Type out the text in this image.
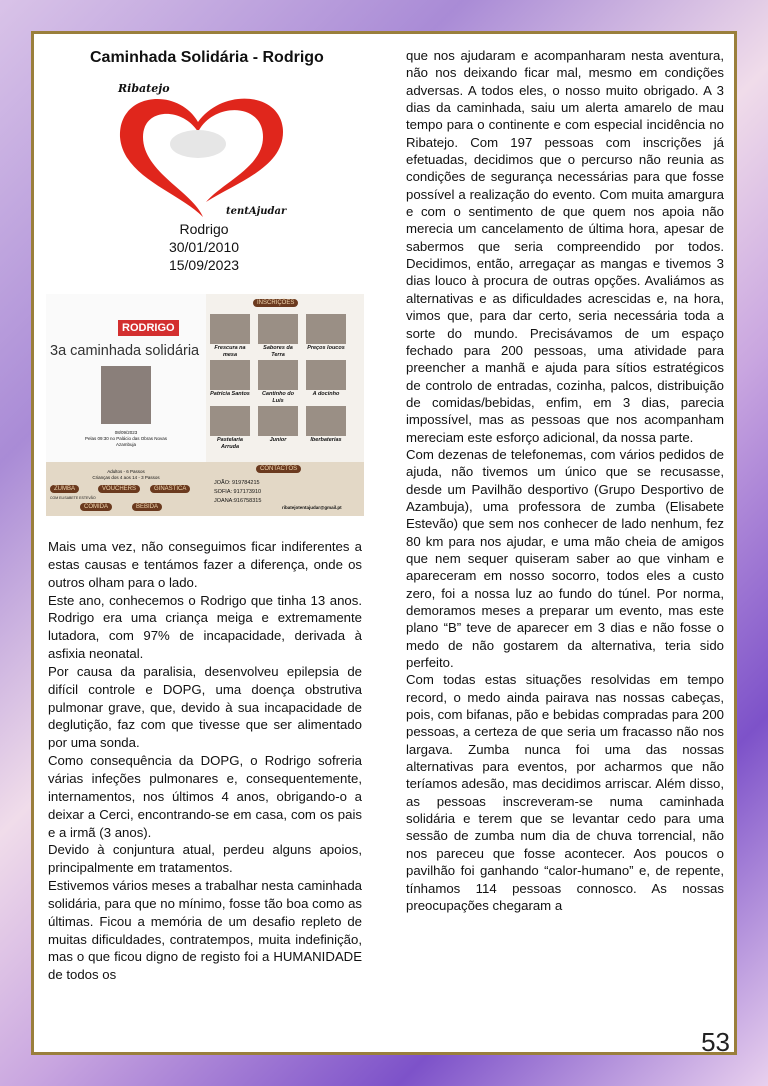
Caminhada Solidária - Rodrigo
Ribatejo
tentAjudar
Rodrigo
30/01/2010
15/09/2023
RODRIGO
3a caminhada solidária
08/09/2023
Pelas 09:30 no Palácio das Obras Novas
Azambuja
Adultos - 6 Passos
Crianças dos 4 aos 14 - 3 Passos
ZUMBA	VOUCHERS	GINÁSTICA
COM ELISABETE ESTEVÃO
COMIDA	BEBIDA
INSCRIÇÕES
Frescura na mesa
Sabores da Terra
Preços loucos
Patrícia Santos	Cantinho do Luís
A docinho
Pastelaria Arruda
Junior	Iberbaterias
CONTACTOS
JOÃO: 919784215
SOFIA: 917173910
JOANA:916758315
ribatejotentajudar@gmail.pt

Mais uma vez, não conseguimos ficar indiferentes a estas causas e tentámos fazer a diferença, onde os outros olham para o lado.

Este ano, conhecemos o Rodrigo que tinha 13 anos. Rodrigo era uma criança meiga e extremamente lutadora, com 97% de incapacidade, derivada à asfixia neonatal.

Por causa da paralisia, desenvolveu epilepsia de difícil controle e DOPG, uma doença obstrutiva pulmonar grave, que, devido à sua incapacidade de deglutição, faz com que tivesse que ser alimentado por uma sonda.

Como consequência da DOPG, o Rodrigo sofreria várias infeções pulmonares e, consequentemente, internamentos, nos últimos 4 anos, obrigando-o a deixar a Cerci, encontrando-se em casa, com os pais e a irmã (3 anos).

Devido à conjuntura atual, perdeu alguns apoios, principalmente em tratamentos.

Estivemos vários meses a trabalhar nesta caminhada solidária, para que no mínimo, fosse tão boa como as últimas. Ficou a memória de um desafio repleto de muitas dificuldades, contratempos, muita indefinição, mas o que ficou digno de registo foi a HUMANIDADE de todos os

que nos ajudaram e acompanharam nesta aventura, não nos deixando ficar mal, mesmo em condições adversas. A todos eles, o nosso muito obrigado. A 3 dias da caminhada, saiu um alerta amarelo de mau tempo para o continente e com especial incidência no Ribatejo. Com 197 pessoas com inscrições já efetuadas, decidimos que o percurso não reunia as condições de segurança necessárias para que fosse possível a realização do evento. Com muita amargura e com o sentimento de que quem nos apoia não merecia um cancelamento de última hora, apesar de sabermos que seria compreendido por todos. Decidimos, então, arregaçar as mangas e tivemos 3 dias louco à procura de outras opções. Avaliámos as alternativas e as dificuldades acrescidas e, na hora, vimos que, para dar certo, seria necessária toda a sorte do mundo. Precisávamos de um espaço fechado para 200 pessoas, uma atividade para preencher a manhã e ajuda para sítios estratégicos de controlo de entradas, cozinha, palcos, distribuição de comidas/bebidas, enfim, em 3 dias, parecia impossível, mas as pessoas que nos acompanham mereciam este esforço adicional, da nossa parte.

Com dezenas de telefonemas, com vários pedidos de ajuda, não tivemos um único que se recusasse, desde um Pavilhão desportivo (Grupo Desportivo de Azambuja), uma professora de zumba (Elisabete Estevão) que sem nos conhecer de lado nenhum, fez 80 km para nos ajudar, e uma mão cheia de amigos que nem sequer quiseram saber ao que vinham e apareceram em nosso socorro, todos eles a custo zero, foi a nossa luz ao fundo do túnel. Por norma, demoramos meses a preparar um evento, mas este plano “B” teve de aparecer em 3 dias e não fosse o medo de não gostarem da alternativa, teria sido perfeito.

Com todas estas situações resolvidas em tempo record, o medo ainda pairava nas nossas cabeças, pois, com bifanas, pão e bebidas compradas para 200 pessoas, a certeza de que seria um fracasso não nos largava. Zumba nunca foi uma das nossas alternativas para eventos, por acharmos que não teríamos adesão, mas decidimos arriscar. Além disso, as pessoas inscreveram-se numa caminhada solidária e terem que se levantar cedo para uma sessão de zumba num dia de chuva torrencial, não nos pareceu que fosse acontecer. Aos poucos o pavilhão foi ganhando “calor-humano” e, de repente, tínhamos 114 pessoas connosco. As nossas preocupações chegaram a

53
